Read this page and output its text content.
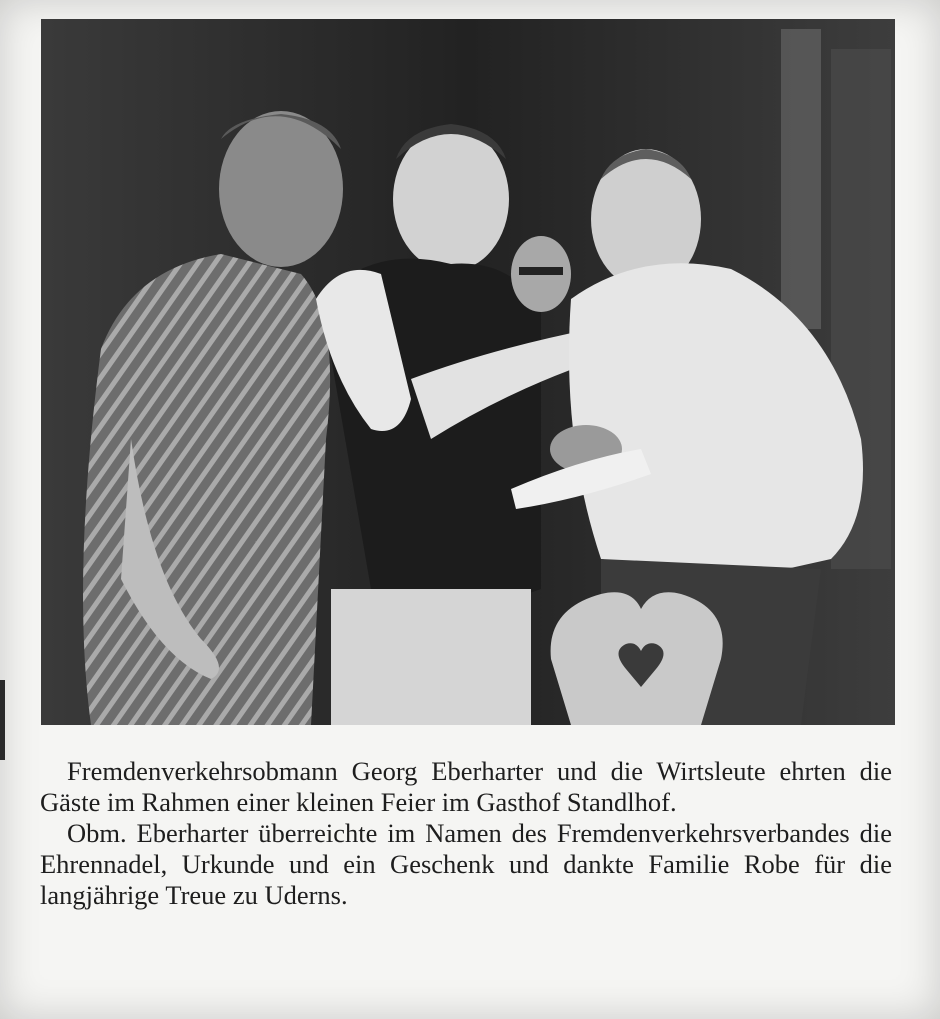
Fremdenverkehrsobmann Georg Eberharter und die Wirtsleute ehrten die Gäste im Rahmen einer kleinen Feier im Gasthof Standlhof.

Obm. Eberharter überreichte im Namen des Fremdenverkehrsverbandes die Ehrennadel, Urkunde und ein Geschenk und dankte Familie Robe für die langjährige Treue zu Uderns.
